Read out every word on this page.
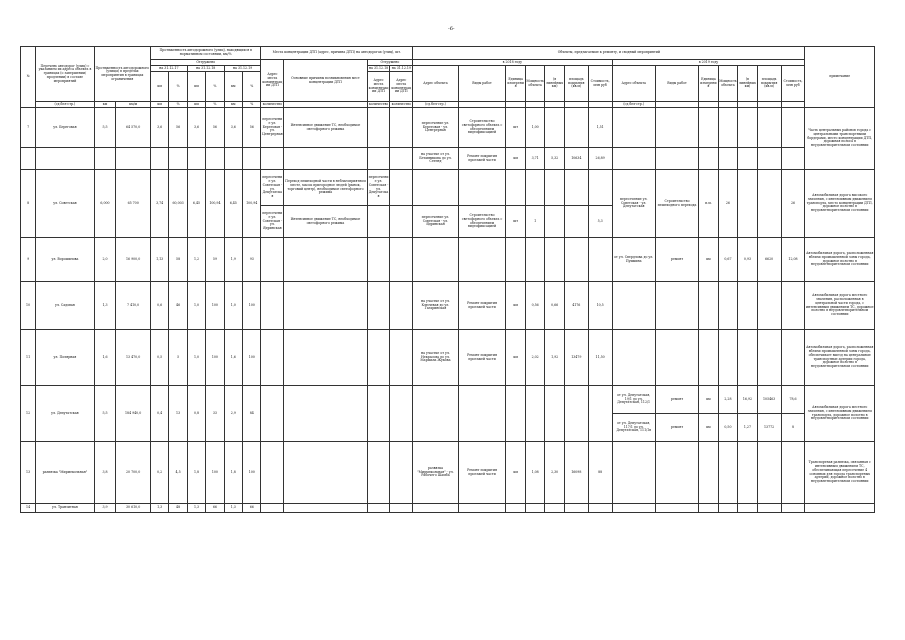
-6-
№	Перечень автодорог (улиц) с указанием их адреса объекта в границах (о завершении/продлении) в составе мероприятий	Протяженность автодорожного (улицы) в пределах мероприятия в границах ограничения		Протяженность автодорожного (улиц), находящихся в нормативном состоянии, км/%						Места концентрации ДТП (адрес, причина ДТП) на автодорогах (улиц), шт.				Объекты, предлагаемые к ремонту, и сводный мероприятий														примечание
				Отгружено						Адрес места концентрации ДТП	Основные причины возникновения мест концентрации ДТП	Отгружено		в 2018 году							в 2019 году							
				на 31.12.17		на 31.12.18		на 31.12.19				на 31.12.18	на 31.12.19	Адрес объекта	Виды работ	Единица измерения	Мощность объекта	(в линейных км)	площадь покрытия (кв.м)	Стоимость, млн руб	Адрес объекта	Виды работ	Единица измерения	Мощность объекта	(в линейных км)	площадь покрытия (кв.м)	Стоимость, млн руб	
				км	%	км	%	км	%			Адрес места концентрации ДТП	Адрес места концентрации ДТП															
	(сд.бел-стр.)	км	км/м	км	%	км	%	км	%	количество		количество	количество	(сд.бел-стр.)							(сд.бел-стр.)							
7	ул. Береговая	5,5	64 570,0	3,6	56	3,6	56	3,6	56	пересечение ул. Береговая - ул. Центрерная	Интенсивное движение ТС, необходимое светофорного режима			пересечение ул. Береговая - ул. Центрерная	Строительство светофорного объекта с обеспечением видеофиксацией	шт	1,00			1,51								Часть центральных районов города с центральными транспортными бордерами, место концентрации ДТП, дорожная полоса в неудовлетворительном состоянии
														на участке от ул. Бетавникова до ул. Сетенд	Ремонт покрытия проезжей части	км	3,71	5,32	10634	26,89								
8	ул. Советская	6,000	65 700	3,74	60,003	6,45	100,94	6,45	100,94	пересечение ул. Советская - ул. Декутатская	Переход пешеходной части в неблагоприятном месте, масок пригородное людей (рынок, торговый центр), необходимое светофорного режима	пересечение ул. Советская - ул. Декутатская									пересечение ул. Советская - ул. Депутатская	Строительство пешеходного перехода	п.м.	26			26	Автомобильная дорога высокого значения, с интенсивным движением транспорта, место концентрации ДТП, дорожное полотно в неудовлетворительном состоянии
										пересечение ул. Советская - ул. Ядринская	Интенсивное движение ТС, необходимое светофорного режима			пересечение ул. Советская - ул. Ядринская	Строительство светофорного объекта с обеспечением видеофиксацией	шт	1			5,3								
9	ул. Ворошилова	2,0	16 900,0	1,13	58	1,2	59	1,9	93												от ул. Свердлова до ул. Пушкина	ремонт	км	0,67	0,93	6620	12,08	Автомобильная дорога, расположенная вблизи промышленной зоны города, дорожное полотно в неудовлетворительном состоянии
10	ул. Садовая	1,3	7 410,0	0,6	46	1,0	100	1,0	100					на участке от ул. Ключевая до ул. Гагаринская	Ремонт покрытия проезжей части	км	0,56	0,66	4176	10,5								Автомобильная дорога местного значения, расположенная в центральной части города, с интенсивным движением ТС, дорожное полотно в неудовлетворительном состоянии
11	ул. Полярная	1,6	13 470,0	0,5	5	1,0	100	1,6	100					на участке от ул. Некрасова до ул. Маршала Жукова	Ремонт покрытия проезжей части	км	2,02	1,92	13479	11,50								Автомобильная дорога, расположенная вблизи промышленной зоны города, обеспечивает выезд на центральные транспортные артерии города, дорожное полотно в неудовлетворительном состоянии
12	ул. Депутатская	5,5	184 940,0	0,4	13	0,8	33	2,9	84												от ул. Депутатская, 19/1 до ул. Депутатская, 112/1	ремонт	км	2,28	16,92	105463	78,6	Автомобильная дорога местного значения, с интенсивным движением транспорта, дорожное полотно в неудовлетворительном состоянии
																					от ул. Депутатская, 117/1 до ул. Депутатская, 111/1в	ремонт	км	0,50	1,27	13772	8	
13	развязка "Мирмекольная"	3,8	20 700,0	0,2	4,5	1,8	100	1,8	100					развязка "Мирмекольная" - ул. Рабочего Шамба	Ремонт покрытия проезжей части	км	1,08	2,30	16098	88								Транспортная развязка, связанная с интенсивным движением ТС, обеспечивающая пересечение 4 основных для города транспортных артерий, дорожное полотно в неудовлетворительном состоянии
14	ул. Транзитная	3,9	30 610,0	1,3	48	1,3	66	1,3	66																			
